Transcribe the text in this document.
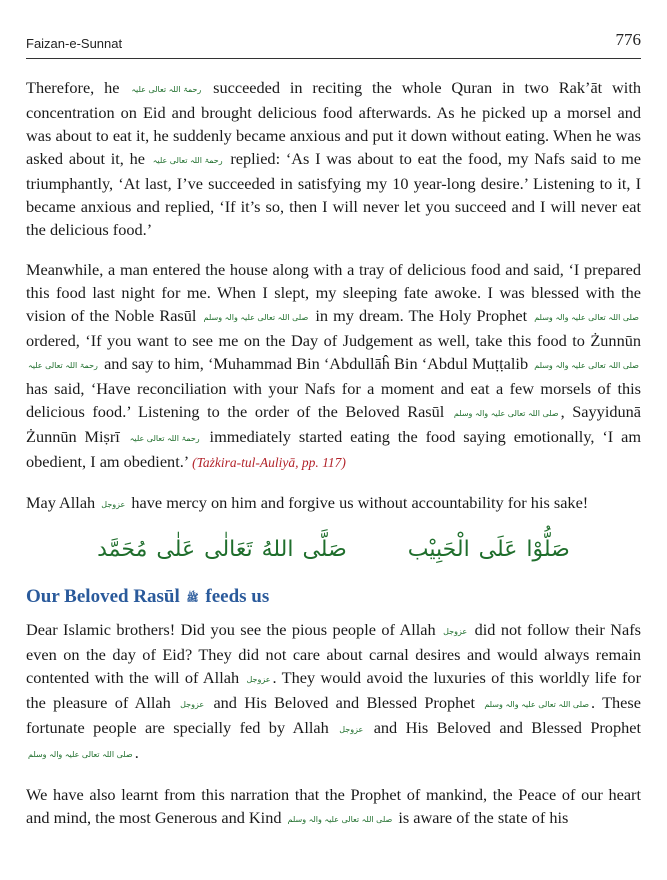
Faizan-e-Sunnat	776

Therefore, he رحمۃ اللہ تعالی علیہ succeeded in reciting the whole Quran in two Rak’āt with concentration on Eid and brought delicious food afterwards. As he picked up a morsel and was about to eat it, he suddenly became anxious and put it down without eating. When he was asked about it, he رحمۃ اللہ تعالی علیہ replied: ‘As I was about to eat the food, my Nafs said to me triumphantly, ‘At last, I’ve succeeded in satisfying my 10 year-long desire.’ Listening to it, I became anxious and replied, ‘If it’s so, then I will never let you succeed and I will never eat the delicious food.’

Meanwhile, a man entered the house along with a tray of delicious food and said, ‘I prepared this food last night for me. When I slept, my sleeping fate awoke. I was blessed with the vision of the Noble Rasūl صلی اللہ تعالی علیہ والہ وسلم in my dream. The Holy Prophet صلی اللہ تعالی علیہ والہ وسلم ordered, ‘If you want to see me on the Day of Judgement as well, take this food to Żunnūn رحمۃ اللہ تعالی علیہ and say to him, ‘Muhammad Bin ‘Abdullāĥ Bin ‘Abdul Muṭṭalib صلی اللہ تعالی علیہ والہ وسلم has said, ‘Have reconciliation with your Nafs for a moment and eat a few morsels of this delicious food.’ Listening to the order of the Beloved Rasūl صلی اللہ تعالی علیہ والہ وسلم , Sayyidunā Żunnūn Miṣrī رحمۃ اللہ تعالی علیہ immediately started eating the food saying emotionally, ‘I am obedient, I am obedient.’ (Tażkira-tul-Auliyā, pp. 117)

May Allah عزوجل have mercy on him and forgive us without accountability for his sake!

صَلُّوْا عَلَى الْحَبِیْب صَلَّى اللهُ تَعَالٰى عَلٰى مُحَمَّد
Our Beloved Rasūl ﷺ feeds us

Dear Islamic brothers! Did you see the pious people of Allah عزوجل did not follow their Nafs even on the day of Eid? They did not care about carnal desires and would always remain contented with the will of Allah عزوجل . They would avoid the luxuries of this worldly life for the pleasure of Allah عزوجل and His Beloved and Blessed Prophet صلی اللہ تعالی علیہ والہ وسلم . These fortunate people are specially fed by Allah عزوجل and His Beloved and Blessed Prophet صلی اللہ تعالی علیہ والہ وسلم .

We have also learnt from this narration that the Prophet of mankind, the Peace of our heart and mind, the most Generous and Kind صلی اللہ تعالی علیہ والہ وسلم is aware of the state of his
